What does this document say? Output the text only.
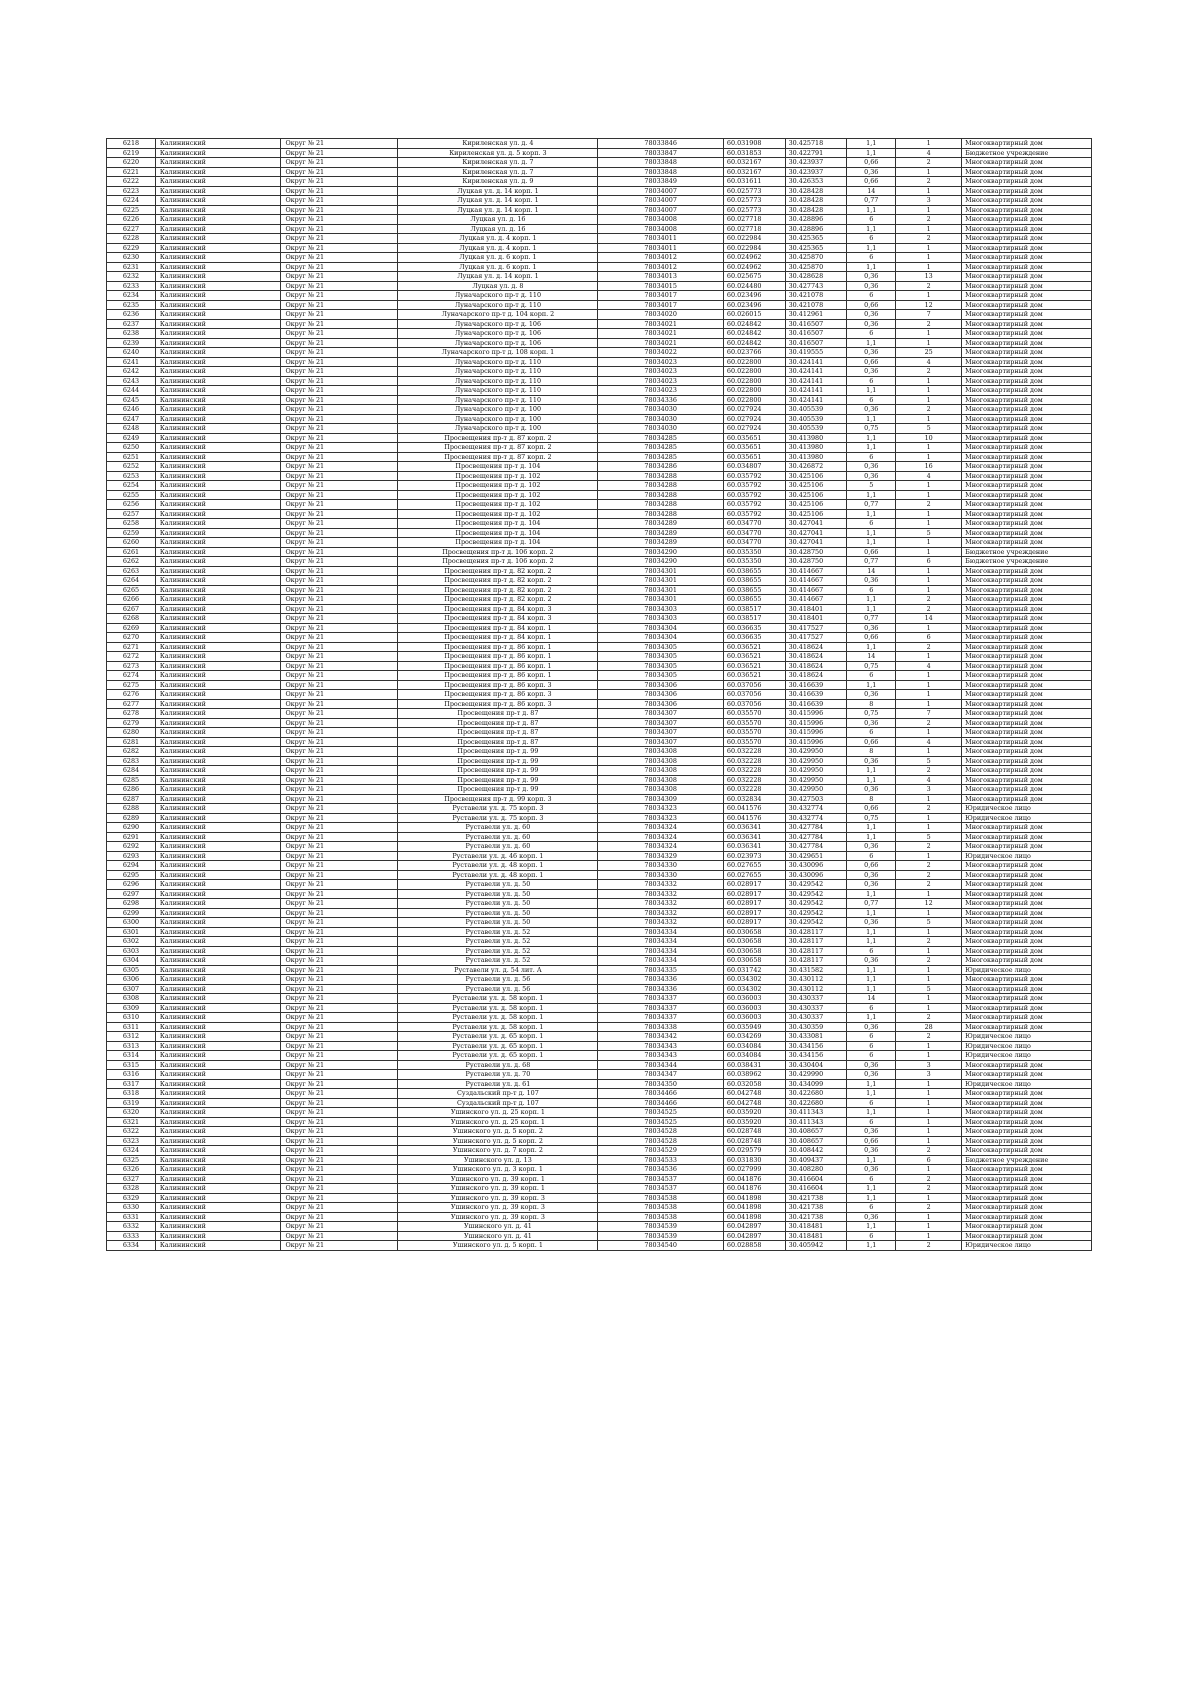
6218	Калининский	Округ № 21	Кириленская ул. д. 4	78033846	60.031908	30.425718	1,1	1	Многоквартирный дом
6219	Калининский	Округ № 21	Кириленская ул. д. 5 корп. 3	78033847	60.031853	30.422791	1,1	4	Бюджетное учреждение
6220	Калининский	Округ № 21	Кириленская ул. д. 7	78033848	60.032167	30.423937	0,66	2	Многоквартирный дом
6221	Калининский	Округ № 21	Кириленская ул. д. 7	78033848	60.032167	30.423937	0,36	1	Многоквартирный дом
6222	Калининский	Округ № 21	Кириленская ул. д. 9	78033849	60.031611	30.426353	0,66	2	Многоквартирный дом
6223	Калининский	Округ № 21	Луцкая ул. д. 14 корп. 1	78034007	60.025773	30.428428	14	1	Многоквартирный дом
6224	Калининский	Округ № 21	Луцкая ул. д. 14 корп. 1	78034007	60.025773	30.428428	0,77	3	Многоквартирный дом
6225	Калининский	Округ № 21	Луцкая ул. д. 14 корп. 1	78034007	60.025773	30.428428	1,1	1	Многоквартирный дом
6226	Калининский	Округ № 21	Луцкая ул. д. 16	78034008	60.027718	30.428896	6	2	Многоквартирный дом
6227	Калининский	Округ № 21	Луцкая ул. д. 16	78034008	60.027718	30.428896	1,1	1	Многоквартирный дом
6228	Калининский	Округ № 21	Луцкая ул. д. 4 корп. 1	78034011	60.022984	30.425365	6	2	Многоквартирный дом
6229	Калининский	Округ № 21	Луцкая ул. д. 4 корп. 1	78034011	60.022984	30.425365	1,1	1	Многоквартирный дом
6230	Калининский	Округ № 21	Луцкая ул. д. 6 корп. 1	78034012	60.024962	30.425870	6	1	Многоквартирный дом
6231	Калининский	Округ № 21	Луцкая ул. д. 6 корп. 1	78034012	60.024962	30.425870	1,1	1	Многоквартирный дом
6232	Калининский	Округ № 21	Луцкая ул. д. 14 корп. 1	78034013	60.025675	30.428628	0,36	13	Многоквартирный дом
6233	Калининский	Округ № 21	Луцкая ул. д. 8	78034015	60.024480	30.427743	0,36	2	Многоквартирный дом
6234	Калининский	Округ № 21	Луначарского пр-т д. 110	78034017	60.023496	30.421078	6	1	Многоквартирный дом
6235	Калининский	Округ № 21	Луначарского пр-т д. 110	78034017	60.023496	30.421078	0,66	12	Многоквартирный дом
6236	Калининский	Округ № 21	Луначарского пр-т д. 104 корп. 2	78034020	60.026015	30.412961	0,36	7	Многоквартирный дом
6237	Калининский	Округ № 21	Луначарского пр-т д. 106	78034021	60.024842	30.416507	0,36	2	Многоквартирный дом
6238	Калининский	Округ № 21	Луначарского пр-т д. 106	78034021	60.024842	30.416507	6	1	Многоквартирный дом
6239	Калининский	Округ № 21	Луначарского пр-т д. 106	78034021	60.024842	30.416507	1,1	1	Многоквартирный дом
6240	Калининский	Округ № 21	Луначарского пр-т д. 108 корп. 1	78034022	60.023766	30.419555	0,36	25	Многоквартирный дом
6241	Калининский	Округ № 21	Луначарского пр-т д. 110	78034023	60.022800	30.424141	0,66	4	Многоквартирный дом
6242	Калининский	Округ № 21	Луначарского пр-т д. 110	78034023	60.022800	30.424141	0,36	2	Многоквартирный дом
6243	Калининский	Округ № 21	Луначарского пр-т д. 110	78034023	60.022800	30.424141	6	1	Многоквартирный дом
6244	Калининский	Округ № 21	Луначарского пр-т д. 110	78034023	60.022800	30.424141	1,1	1	Многоквартирный дом
6245	Калининский	Округ № 21	Луначарского пр-т д. 110	78034336	60.022800	30.424141	6	1	Многоквартирный дом
6246	Калининский	Округ № 21	Луначарского пр-т д. 100	78034030	60.027924	30.405539	0,36	2	Многоквартирный дом
6247	Калининский	Округ № 21	Луначарского пр-т д. 100	78034030	60.027924	30.405539	1,1	1	Многоквартирный дом
6248	Калининский	Округ № 21	Луначарского пр-т д. 100	78034030	60.027924	30.405539	0,75	5	Многоквартирный дом
6249	Калининский	Округ № 21	Просвещения пр-т д. 87 корп. 2	78034285	60.035651	30.413980	1,1	10	Многоквартирный дом
6250	Калининский	Округ № 21	Просвещения пр-т д. 87 корп. 2	78034285	60.035651	30.413980	1,1	1	Многоквартирный дом
6251	Калининский	Округ № 21	Просвещения пр-т д. 87 корп. 2	78034285	60.035651	30.413980	6	1	Многоквартирный дом
6252	Калининский	Округ № 21	Просвещения пр-т д. 104	78034286	60.034807	30.426872	0,36	16	Многоквартирный дом
6253	Калининский	Округ № 21	Просвещения пр-т д. 102	78034288	60.035792	30.425106	0,36	4	Многоквартирный дом
6254	Калининский	Округ № 21	Просвещения пр-т д. 102	78034288	60.035792	30.425106	5	1	Многоквартирный дом
6255	Калининский	Округ № 21	Просвещения пр-т д. 102	78034288	60.035792	30.425106	1,1	1	Многоквартирный дом
6256	Калининский	Округ № 21	Просвещения пр-т д. 102	78034288	60.035792	30.425106	0,77	2	Многоквартирный дом
6257	Калининский	Округ № 21	Просвещения пр-т д. 102	78034288	60.035792	30.425106	1,1	1	Многоквартирный дом
6258	Калининский	Округ № 21	Просвещения пр-т д. 104	78034289	60.034770	30.427041	6	1	Многоквартирный дом
6259	Калининский	Округ № 21	Просвещения пр-т д. 104	78034289	60.034770	30.427041	1,1	5	Многоквартирный дом
6260	Калининский	Округ № 21	Просвещения пр-т д. 104	78034289	60.034770	30.427041	1,1	1	Многоквартирный дом
6261	Калининский	Округ № 21	Просвещения пр-т д. 106 корп. 2	78034290	60.035350	30.428750	0,66	1	Бюджетное учреждение
6262	Калининский	Округ № 21	Просвещения пр-т д. 106 корп. 2	78034290	60.035350	30.428750	0,77	6	Бюджетное учреждение
6263	Калининский	Округ № 21	Просвещения пр-т д. 82 корп. 2	78034301	60.038655	30.414667	14	1	Многоквартирный дом
6264	Калининский	Округ № 21	Просвещения пр-т д. 82 корп. 2	78034301	60.038655	30.414667	0,36	1	Многоквартирный дом
6265	Калининский	Округ № 21	Просвещения пр-т д. 82 корп. 2	78034301	60.038655	30.414667	6	1	Многоквартирный дом
6266	Калининский	Округ № 21	Просвещения пр-т д. 82 корп. 2	78034301	60.038655	30.414667	1,1	2	Многоквартирный дом
6267	Калининский	Округ № 21	Просвещения пр-т д. 84 корп. 3	78034303	60.038517	30.418401	1,1	2	Многоквартирный дом
6268	Калининский	Округ № 21	Просвещения пр-т д. 84 корп. 3	78034303	60.038517	30.418401	0,77	14	Многоквартирный дом
6269	Калининский	Округ № 21	Просвещения пр-т д. 84 корп. 1	78034304	60.036635	30.417527	0,36	1	Многоквартирный дом
6270	Калининский	Округ № 21	Просвещения пр-т д. 84 корп. 1	78034304	60.036635	30.417527	0,66	6	Многоквартирный дом
6271	Калининский	Округ № 21	Просвещения пр-т д. 86 корп. 1	78034305	60.036521	30.418624	1,1	2	Многоквартирный дом
6272	Калининский	Округ № 21	Просвещения пр-т д. 86 корп. 1	78034305	60.036521	30.418624	14	1	Многоквартирный дом
6273	Калининский	Округ № 21	Просвещения пр-т д. 86 корп. 1	78034305	60.036521	30.418624	0,75	4	Многоквартирный дом
6274	Калининский	Округ № 21	Просвещения пр-т д. 86 корп. 1	78034305	60.036521	30.418624	6	1	Многоквартирный дом
6275	Калининский	Округ № 21	Просвещения пр-т д. 86 корп. 3	78034306	60.037056	30.416639	1,1	1	Многоквартирный дом
6276	Калининский	Округ № 21	Просвещения пр-т д. 86 корп. 3	78034306	60.037056	30.416639	0,36	1	Многоквартирный дом
6277	Калининский	Округ № 21	Просвещения пр-т д. 86 корп. 3	78034306	60.037056	30.416639	8	1	Многоквартирный дом
6278	Калининский	Округ № 21	Просвещения пр-т д. 87	78034307	60.035570	30.415996	0,75	7	Многоквартирный дом
6279	Калининский	Округ № 21	Просвещения пр-т д. 87	78034307	60.035570	30.415996	0,36	2	Многоквартирный дом
6280	Калининский	Округ № 21	Просвещения пр-т д. 87	78034307	60.035570	30.415996	6	1	Многоквартирный дом
6281	Калининский	Округ № 21	Просвещения пр-т д. 87	78034307	60.035570	30.415996	0,66	4	Многоквартирный дом
6282	Калининский	Округ № 21	Просвещения пр-т д. 99	78034308	60.032228	30.429950	8	1	Многоквартирный дом
6283	Калининский	Округ № 21	Просвещения пр-т д. 99	78034308	60.032228	30.429950	0,36	5	Многоквартирный дом
6284	Калининский	Округ № 21	Просвещения пр-т д. 99	78034308	60.032228	30.429950	1,1	2	Многоквартирный дом
6285	Калининский	Округ № 21	Просвещения пр-т д. 99	78034308	60.032228	30.429950	1,1	4	Многоквартирный дом
6286	Калининский	Округ № 21	Просвещения пр-т д. 99	78034308	60.032228	30.429950	0,36	3	Многоквартирный дом
6287	Калининский	Округ № 21	Просвещения пр-т д. 99 корп. 3	78034309	60.032834	30.427503	8	1	Многоквартирный дом
6288	Калининский	Округ № 21	Руставели ул. д. 75 корп. 3	78034323	60.041576	30.432774	0,66	2	Юридическое лицо
6289	Калининский	Округ № 21	Руставели ул. д. 75 корп. 3	78034323	60.041576	30.432774	0,75	1	Юридическое лицо
6290	Калининский	Округ № 21	Руставели ул. д. 60	78034324	60.036341	30.427784	1,1	1	Многоквартирный дом
6291	Калининский	Округ № 21	Руставели ул. д. 60	78034324	60.036341	30.427784	1,1	5	Многоквартирный дом
6292	Калининский	Округ № 21	Руставели ул. д. 60	78034324	60.036341	30.427784	0,36	2	Многоквартирный дом
6293	Калининский	Округ № 21	Руставели ул. д. 46 корп. 1	78034329	60.023973	30.429651	6	1	Юридическое лицо
6294	Калининский	Округ № 21	Руставели ул. д. 48 корп. 1	78034330	60.027655	30.430096	0,66	2	Многоквартирный дом
6295	Калининский	Округ № 21	Руставели ул. д. 48 корп. 1	78034330	60.027655	30.430096	0,36	2	Многоквартирный дом
6296	Калининский	Округ № 21	Руставели ул. д. 50	78034332	60.028917	30.429542	0,36	2	Многоквартирный дом
6297	Калининский	Округ № 21	Руставели ул. д. 50	78034332	60.028917	30.429542	1,1	1	Многоквартирный дом
6298	Калининский	Округ № 21	Руставели ул. д. 50	78034332	60.028917	30.429542	0,77	12	Многоквартирный дом
6299	Калининский	Округ № 21	Руставели ул. д. 50	78034332	60.028917	30.429542	1,1	1	Многоквартирный дом
6300	Калининский	Округ № 21	Руставели ул. д. 50	78034332	60.028917	30.429542	0,36	5	Многоквартирный дом
6301	Калининский	Округ № 21	Руставели ул. д. 52	78034334	60.030658	30.428117	1,1	1	Многоквартирный дом
6302	Калининский	Округ № 21	Руставели ул. д. 52	78034334	60.030658	30.428117	1,1	2	Многоквартирный дом
6303	Калининский	Округ № 21	Руставели ул. д. 52	78034334	60.030658	30.428117	6	1	Многоквартирный дом
6304	Калининский	Округ № 21	Руставели ул. д. 52	78034334	60.030658	30.428117	0,36	2	Многоквартирный дом
6305	Калининский	Округ № 21	Руставели ул. д. 54 лит. А	78034335	60.031742	30.431582	1,1	1	Юридическое лицо
6306	Калининский	Округ № 21	Руставели ул. д. 56	78034336	60.034302	30.430112	1,1	1	Многоквартирный дом
6307	Калининский	Округ № 21	Руставели ул. д. 56	78034336	60.034302	30.430112	1,1	5	Многоквартирный дом
6308	Калининский	Округ № 21	Руставели ул. д. 58 корп. 1	78034337	60.036003	30.430337	14	1	Многоквартирный дом
6309	Калининский	Округ № 21	Руставели ул. д. 58 корп. 1	78034337	60.036003	30.430337	6	1	Многоквартирный дом
6310	Калининский	Округ № 21	Руставели ул. д. 58 корп. 1	78034337	60.036003	30.430337	1,1	2	Многоквартирный дом
6311	Калининский	Округ № 21	Руставели ул. д. 58 корп. 1	78034338	60.035949	30.430359	0,36	28	Многоквартирный дом
6312	Калининский	Округ № 21	Руставели ул. д. 65 корп. 1	78034342	60.034269	30.433081	6	2	Юридическое лицо
6313	Калининский	Округ № 21	Руставели ул. д. 65 корп. 1	78034343	60.034084	30.434156	6	1	Юридическое лицо
6314	Калининский	Округ № 21	Руставели ул. д. 65 корп. 1	78034343	60.034084	30.434156	6	1	Юридическое лицо
6315	Калининский	Округ № 21	Руставели ул. д. 68	78034344	60.038431	30.430404	0,36	3	Многоквартирный дом
6316	Калининский	Округ № 21	Руставели ул. д. 70	78034347	60.038962	30.429990	0,36	3	Многоквартирный дом
6317	Калининский	Округ № 21	Руставели ул. д. 61	78034350	60.032058	30.434099	1,1	1	Юридическое лицо
6318	Калининский	Округ № 21	Суздальский пр-т д. 107	78034466	60.042748	30.422680	1,1	1	Многоквартирный дом
6319	Калининский	Округ № 21	Суздальский пр-т д. 107	78034466	60.042748	30.422680	6	1	Многоквартирный дом
6320	Калининский	Округ № 21	Ушинского ул. д. 25 корп. 1	78034525	60.035920	30.411343	1,1	1	Многоквартирный дом
6321	Калининский	Округ № 21	Ушинского ул. д. 25 корп. 1	78034525	60.035920	30.411343	6	1	Многоквартирный дом
6322	Калининский	Округ № 21	Ушинского ул. д. 5 корп. 2	78034528	60.028748	30.408657	0,36	1	Многоквартирный дом
6323	Калининский	Округ № 21	Ушинского ул. д. 5 корп. 2	78034528	60.028748	30.408657	0,66	1	Многоквартирный дом
6324	Калининский	Округ № 21	Ушинского ул. д. 7 корп. 2	78034529	60.029579	30.408442	0,36	2	Многоквартирный дом
6325	Калининский	Округ № 21	Ушинского ул. д. 13	78034533	60.031830	30.409437	1,1	6	Бюджетное учреждение
6326	Калининский	Округ № 21	Ушинского ул. д. 3 корп. 1	78034536	60.027999	30.408280	0,36	1	Многоквартирный дом
6327	Калининский	Округ № 21	Ушинского ул. д. 39 корп. 1	78034537	60.041876	30.416604	6	2	Многоквартирный дом
6328	Калининский	Округ № 21	Ушинского ул. д. 39 корп. 1	78034537	60.041876	30.416604	1,1	2	Многоквартирный дом
6329	Калининский	Округ № 21	Ушинского ул. д. 39 корп. 3	78034538	60.041898	30.421738	1,1	1	Многоквартирный дом
6330	Калининский	Округ № 21	Ушинского ул. д. 39 корп. 3	78034538	60.041898	30.421738	6	2	Многоквартирный дом
6331	Калининский	Округ № 21	Ушинского ул. д. 39 корп. 3	78034538	60.041898	30.421738	0,36	1	Многоквартирный дом
6332	Калининский	Округ № 21	Ушинского ул. д. 41	78034539	60.042897	30.418481	1,1	1	Многоквартирный дом
6333	Калининский	Округ № 21	Ушинского ул. д. 41	78034539	60.042897	30.418481	6	1	Многоквартирный дом
6334	Калининский	Округ № 21	Ушинского ул. д. 5 корп. 1	78034540	60.028858	30.405942	1,1	2	Юридическое лицо
